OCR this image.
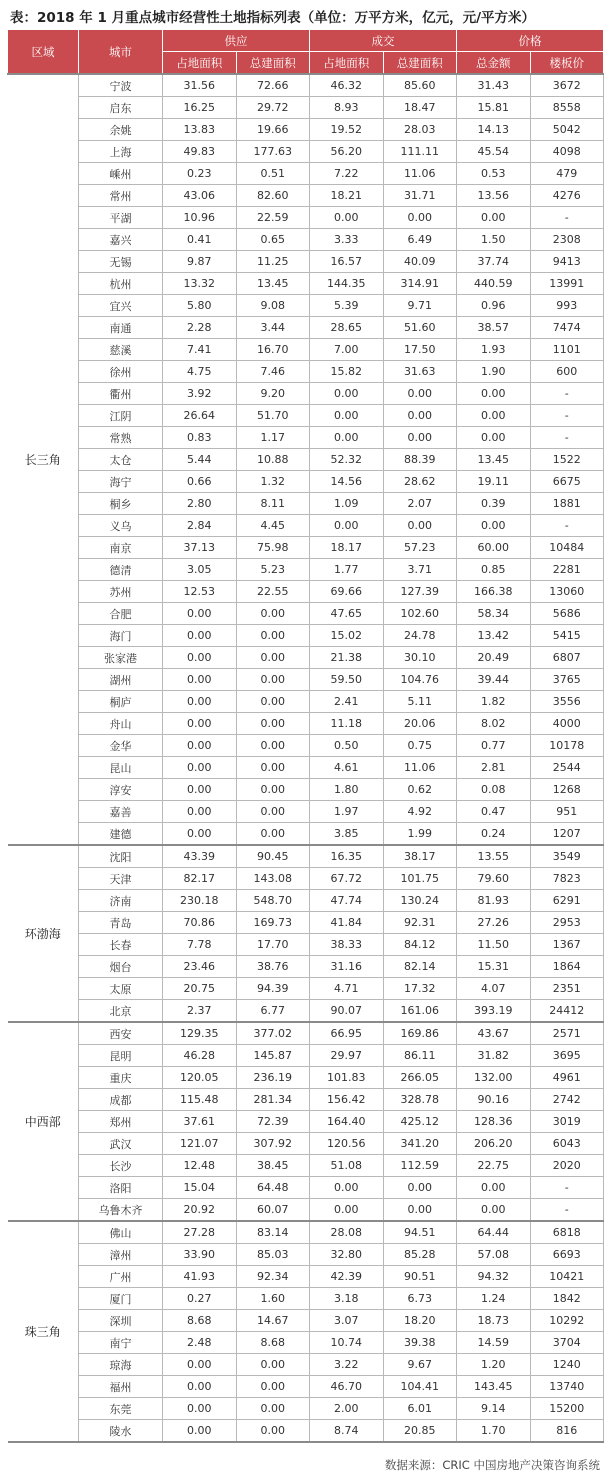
表：2018 年 1 月重点城市经营性土地指标列表（单位：万平方米，亿元，元/平方米）
区域	城市	供应		成交		价格	
		占地面积	总建面积	占地面积	总建面积	总金额	楼板价
长三角	宁波	31.56	72.66	46.32	85.60	31.43	3672
	启东	16.25	29.72	8.93	18.47	15.81	8558
	余姚	13.83	19.66	19.52	28.03	14.13	5042
	上海	49.83	177.63	56.20	111.11	45.54	4098
	嵊州	0.23	0.51	7.22	11.06	0.53	479
	常州	43.06	82.60	18.21	31.71	13.56	4276
	平湖	10.96	22.59	0.00	0.00	0.00	-
	嘉兴	0.41	0.65	3.33	6.49	1.50	2308
	无锡	9.87	11.25	16.57	40.09	37.74	9413
	杭州	13.32	13.45	144.35	314.91	440.59	13991
	宜兴	5.80	9.08	5.39	9.71	0.96	993
	南通	2.28	3.44	28.65	51.60	38.57	7474
	慈溪	7.41	16.70	7.00	17.50	1.93	1101
	徐州	4.75	7.46	15.82	31.63	1.90	600
	衢州	3.92	9.20	0.00	0.00	0.00	-
	江阴	26.64	51.70	0.00	0.00	0.00	-
	常熟	0.83	1.17	0.00	0.00	0.00	-
	太仓	5.44	10.88	52.32	88.39	13.45	1522
	海宁	0.66	1.32	14.56	28.62	19.11	6675
	桐乡	2.80	8.11	1.09	2.07	0.39	1881
	义乌	2.84	4.45	0.00	0.00	0.00	-
	南京	37.13	75.98	18.17	57.23	60.00	10484
	德清	3.05	5.23	1.77	3.71	0.85	2281
	苏州	12.53	22.55	69.66	127.39	166.38	13060
	合肥	0.00	0.00	47.65	102.60	58.34	5686
	海门	0.00	0.00	15.02	24.78	13.42	5415
	张家港	0.00	0.00	21.38	30.10	20.49	6807
	湖州	0.00	0.00	59.50	104.76	39.44	3765
	桐庐	0.00	0.00	2.41	5.11	1.82	3556
	舟山	0.00	0.00	11.18	20.06	8.02	4000
	金华	0.00	0.00	0.50	0.75	0.77	10178
	昆山	0.00	0.00	4.61	11.06	2.81	2544
	淳安	0.00	0.00	1.80	0.62	0.08	1268
	嘉善	0.00	0.00	1.97	4.92	0.47	951
	建德	0.00	0.00	3.85	1.99	0.24	1207
环渤海	沈阳	43.39	90.45	16.35	38.17	13.55	3549
	天津	82.17	143.08	67.72	101.75	79.60	7823
	济南	230.18	548.70	47.74	130.24	81.93	6291
	青岛	70.86	169.73	41.84	92.31	27.26	2953
	长春	7.78	17.70	38.33	84.12	11.50	1367
	烟台	23.46	38.76	31.16	82.14	15.31	1864
	太原	20.75	94.39	4.71	17.32	4.07	2351
	北京	2.37	6.77	90.07	161.06	393.19	24412
中西部	西安	129.35	377.02	66.95	169.86	43.67	2571
	昆明	46.28	145.87	29.97	86.11	31.82	3695
	重庆	120.05	236.19	101.83	266.05	132.00	4961
	成都	115.48	281.34	156.42	328.78	90.16	2742
	郑州	37.61	72.39	164.40	425.12	128.36	3019
	武汉	121.07	307.92	120.56	341.20	206.20	6043
	长沙	12.48	38.45	51.08	112.59	22.75	2020
	洛阳	15.04	64.48	0.00	0.00	0.00	-
	乌鲁木齐	20.92	60.07	0.00	0.00	0.00	-
珠三角	佛山	27.28	83.14	28.08	94.51	64.44	6818
	漳州	33.90	85.03	32.80	85.28	57.08	6693
	广州	41.93	92.34	42.39	90.51	94.32	10421
	厦门	0.27	1.60	3.18	6.73	1.24	1842
	深圳	8.68	14.67	3.07	18.20	18.73	10292
	南宁	2.48	8.68	10.74	39.38	14.59	3704
	琼海	0.00	0.00	3.22	9.67	1.20	1240
	福州	0.00	0.00	46.70	104.41	143.45	13740
	东莞	0.00	0.00	2.00	6.01	9.14	15200
	陵水	0.00	0.00	8.74	20.85	1.70	816
数据来源：CRIC 中国房地产决策咨询系统
